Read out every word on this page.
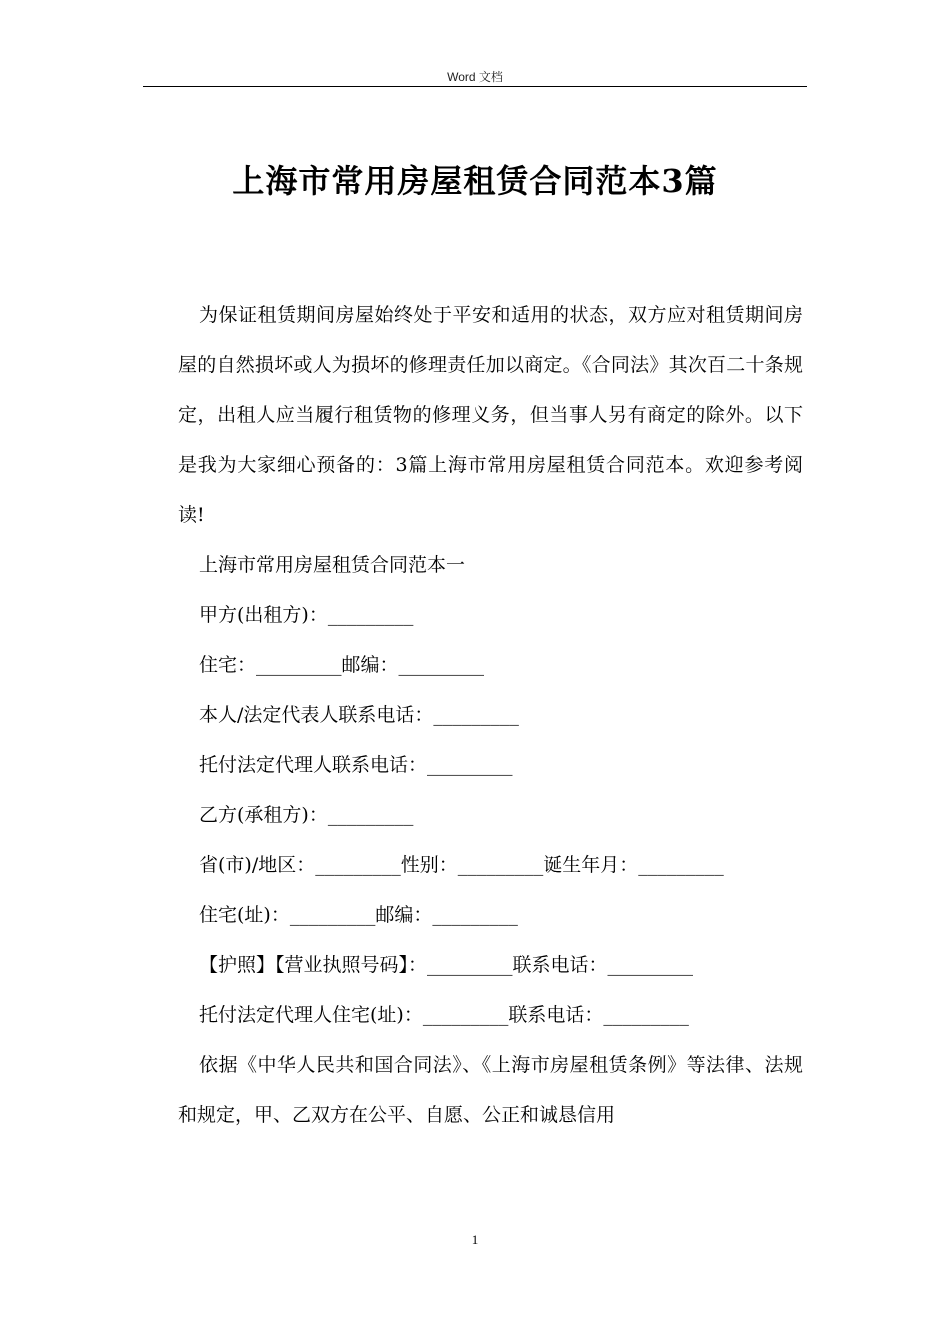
Word 文档
上海市常用房屋租赁合同范本3篇

为保证租赁期间房屋始终处于平安和适用的状态，双方应对租赁期间房屋的自然损坏或人为损坏的修理责任加以商定。《合同法》其次百二十条规定，出租人应当履行租赁物的修理义务，但当事人另有商定的除外。以下是我为大家细心预备的：3篇上海市常用房屋租赁合同范本。欢迎参考阅读!

上海市常用房屋租赁合同范本一

甲方(出租方)：_________

住宅：_________邮编：_________

本人/法定代表人联系电话：_________

托付法定代理人联系电话：_________

乙方(承租方)：_________

省(市)/地区：_________性别：_________诞生年月：_________

住宅(址)：_________邮编：_________

【护照】【营业执照号码】：_________联系电话：_________

托付法定代理人住宅(址)：_________联系电话：_________

依据《中华人民共和国合同法》、《上海市房屋租赁条例》等法律、法规和规定，甲、乙双方在公平、自愿、公正和诚恳信用

1
